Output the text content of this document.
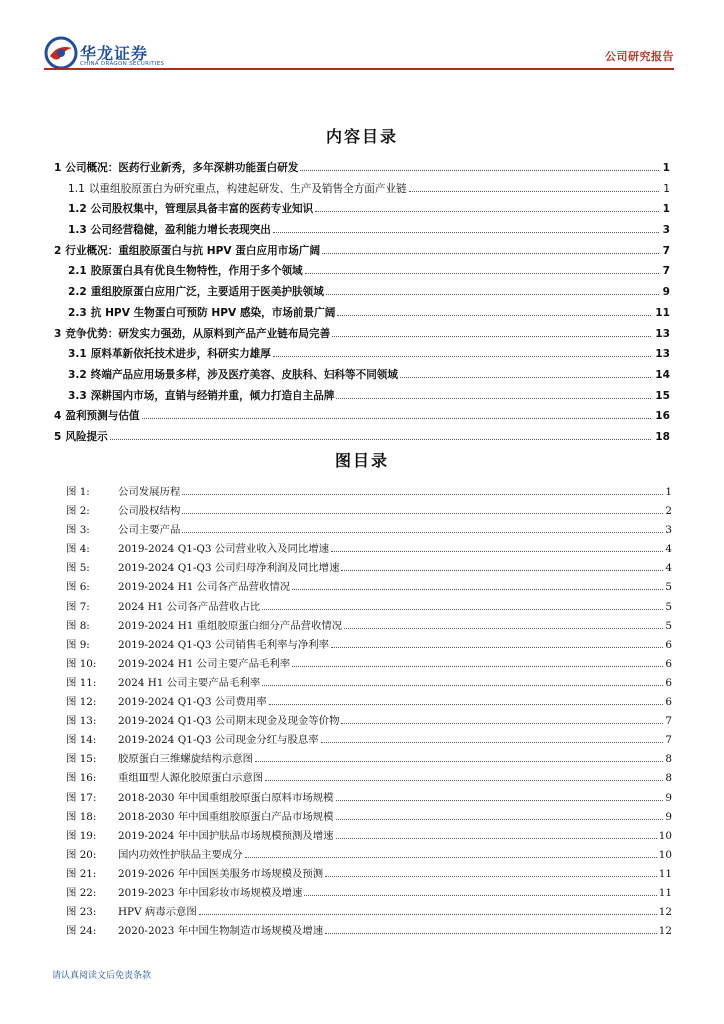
华龙证券
CHINA DRAGON SECURITIES
公司研究报告
内容目录
1 公司概况：医药行业新秀，多年深耕功能蛋白研发	1
1.1 以重组胶原蛋白为研究重点，构建起研发、生产及销售全方面产业链	1
1.2 公司股权集中，管理层具备丰富的医药专业知识	1
1.3 公司经营稳健，盈利能力增长表现突出	3
2 行业概况：重组胶原蛋白与抗 HPV 蛋白应用市场广阔	7
2.1 胶原蛋白具有优良生物特性，作用于多个领域	7
2.2 重组胶原蛋白应用广泛，主要适用于医美护肤领域	9
2.3 抗 HPV 生物蛋白可预防 HPV 感染，市场前景广阔	11
3 竞争优势：研发实力强劲，从原料到产品产业链布局完善	13
3.1 原料革新依托技术进步，科研实力雄厚	13
3.2 终端产品应用场景多样，涉及医疗美容、皮肤科、妇科等不同领域	14
3.3 深耕国内市场，直销与经销并重，倾力打造自主品牌	15
4 盈利预测与估值	16
5 风险提示	18
图目录
图 1:	公司发展历程	1
图 2:	公司股权结构	2
图 3:	公司主要产品	3
图 4:	2019-2024 Q1-Q3 公司营业收入及同比增速	4
图 5:	2019-2024 Q1-Q3 公司归母净利润及同比增速	4
图 6:	2019-2024 H1 公司各产品营收情况	5
图 7:	2024 H1 公司各产品营收占比	5
图 8:	2019-2024 H1 重组胶原蛋白细分产品营收情况	5
图 9:	2019-2024 Q1-Q3 公司销售毛利率与净利率	6
图 10:	2019-2024 H1 公司主要产品毛利率	6
图 11:	2024 H1 公司主要产品毛利率	6
图 12:	2019-2024 Q1-Q3 公司费用率	6
图 13:	2019-2024 Q1-Q3 公司期末现金及现金等价物	7
图 14:	2019-2024 Q1-Q3 公司现金分红与股息率	7
图 15:	胶原蛋白三维螺旋结构示意图	8
图 16:	重组Ⅲ型人源化胶原蛋白示意图	8
图 17:	2018-2030 年中国重组胶原蛋白原料市场规模	9
图 18:	2018-2030 年中国重组胶原蛋白产品市场规模	9
图 19:	2019-2024 年中国护肤品市场规模预测及增速	10
图 20:	国内功效性护肤品主要成分	10
图 21:	2019-2026 年中国医美服务市场规模及预测	11
图 22:	2019-2023 年中国彩妆市场规模及增速	11
图 23:	HPV 病毒示意图	12
图 24:	2020-2023 年中国生物制造市场规模及增速	12
请认真阅读文后免责条款
